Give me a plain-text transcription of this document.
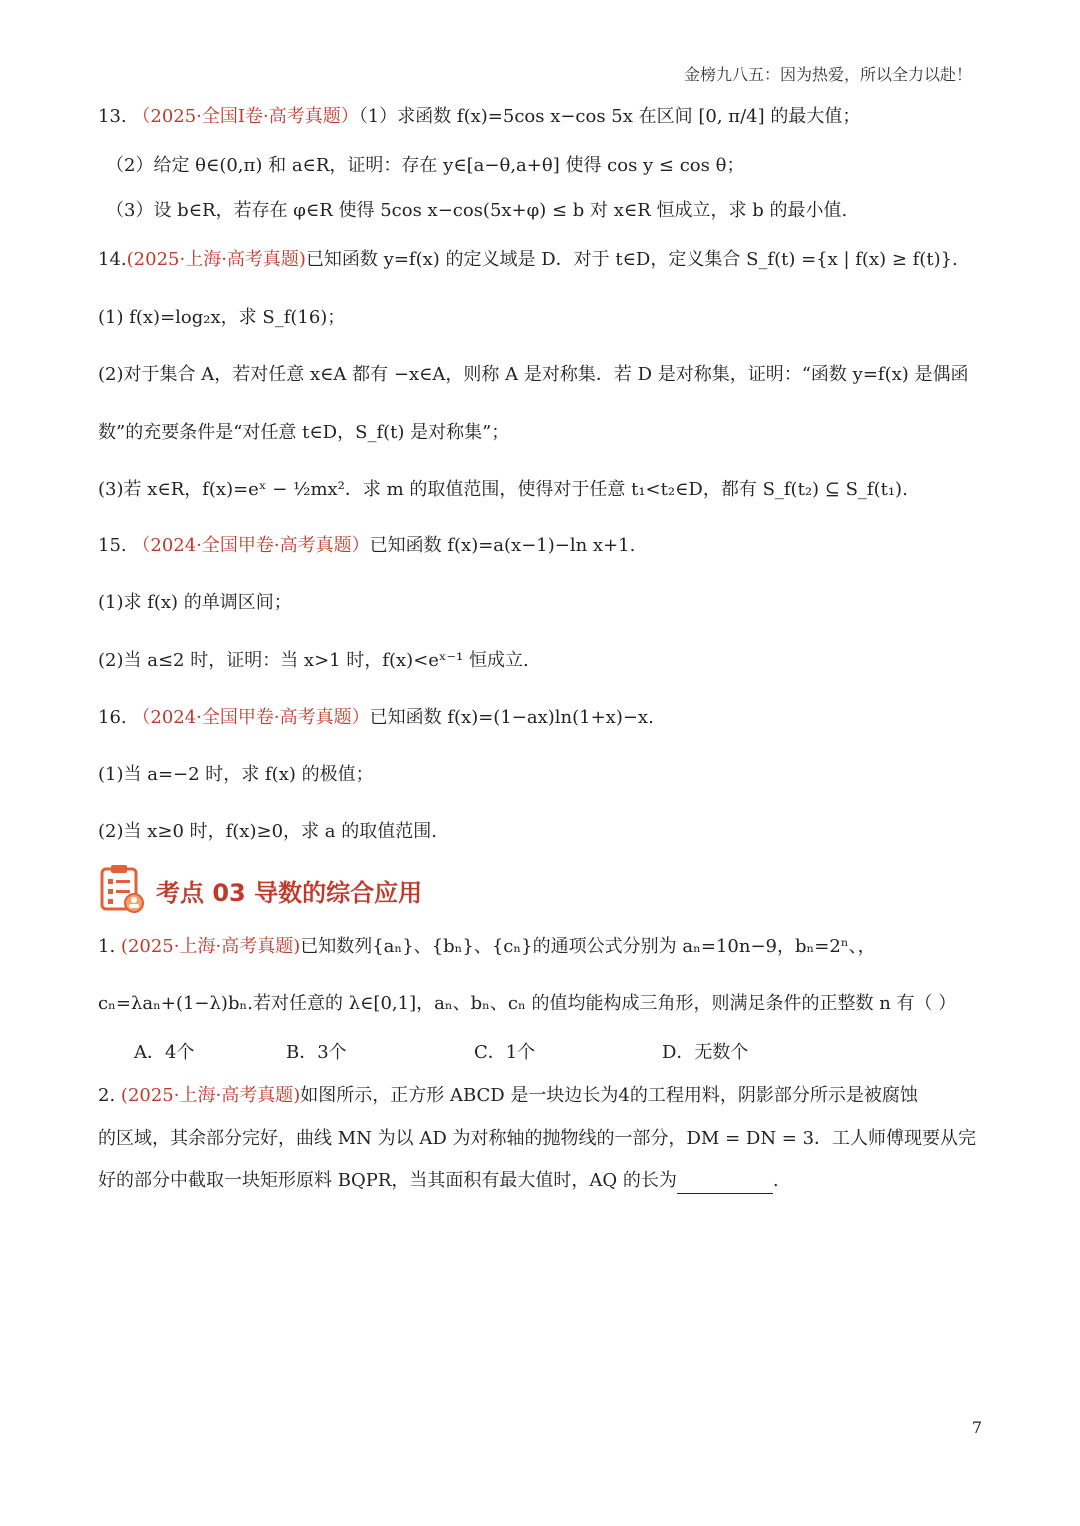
金榜九八五：因为热爱，所以全力以赴！
13. （2025·全国I卷·高考真题）（1）求函数 f(x)=5cos x−cos 5x 在区间 [0, π/4] 的最大值；
（2）给定 θ∈(0,π) 和 a∈R，证明：存在 y∈[a−θ,a+θ] 使得 cos y ≤ cos θ；
（3）设 b∈R，若存在 φ∈R 使得 5cos x−cos(5x+φ) ≤ b 对 x∈R 恒成立，求 b 的最小值.
14.(2025·上海·高考真题)已知函数 y=f(x) 的定义域是 D．对于 t∈D，定义集合 S_f(t) ={x | f(x) ≥ f(t)}.
(1) f(x)=log₂x，求 S_f(16)；
(2)对于集合 A，若对任意 x∈A 都有 −x∈A，则称 A 是对称集．若 D 是对称集，证明：“函数 y=f(x) 是偶函
数”的充要条件是“对任意 t∈D，S_f(t) 是对称集”；
(3)若 x∈R，f(x)=eˣ − ½mx²．求 m 的取值范围，使得对于任意 t₁<t₂∈D，都有 S_f(t₂) ⊆ S_f(t₁).
15. （2024·全国甲卷·高考真题）已知函数 f(x)=a(x−1)−ln x+1.
(1)求 f(x) 的单调区间；
(2)当 a≤2 时，证明：当 x>1 时，f(x)<eˣ⁻¹ 恒成立.
16. （2024·全国甲卷·高考真题）已知函数 f(x)=(1−ax)ln(1+x)−x.
(1)当 a=−2 时，求 f(x) 的极值；
(2)当 x≥0 时，f(x)≥0，求 a 的取值范围.
考点 03 导数的综合应用
1. (2025·上海·高考真题)已知数列{aₙ}、{bₙ}、{cₙ}的通项公式分别为 aₙ=10n−9，bₙ=2ⁿ、，
cₙ=λaₙ+(1−λ)bₙ.若对任意的 λ∈[0,1]，aₙ、bₙ、cₙ 的值均能构成三角形，则满足条件的正整数 n 有（ ）
A．4个	B．3个	C．1个	D．无数个
2. (2025·上海·高考真题)如图所示，正方形 ABCD 是一块边长为4的工程用料，阴影部分所示是被腐蚀
的区域，其余部分完好，曲线 MN 为以 AD 为对称轴的抛物线的一部分，DM = DN = 3．工人师傅现要从完
好的部分中截取一块矩形原料 BQPR，当其面积有最大值时，AQ 的长为	.
7
